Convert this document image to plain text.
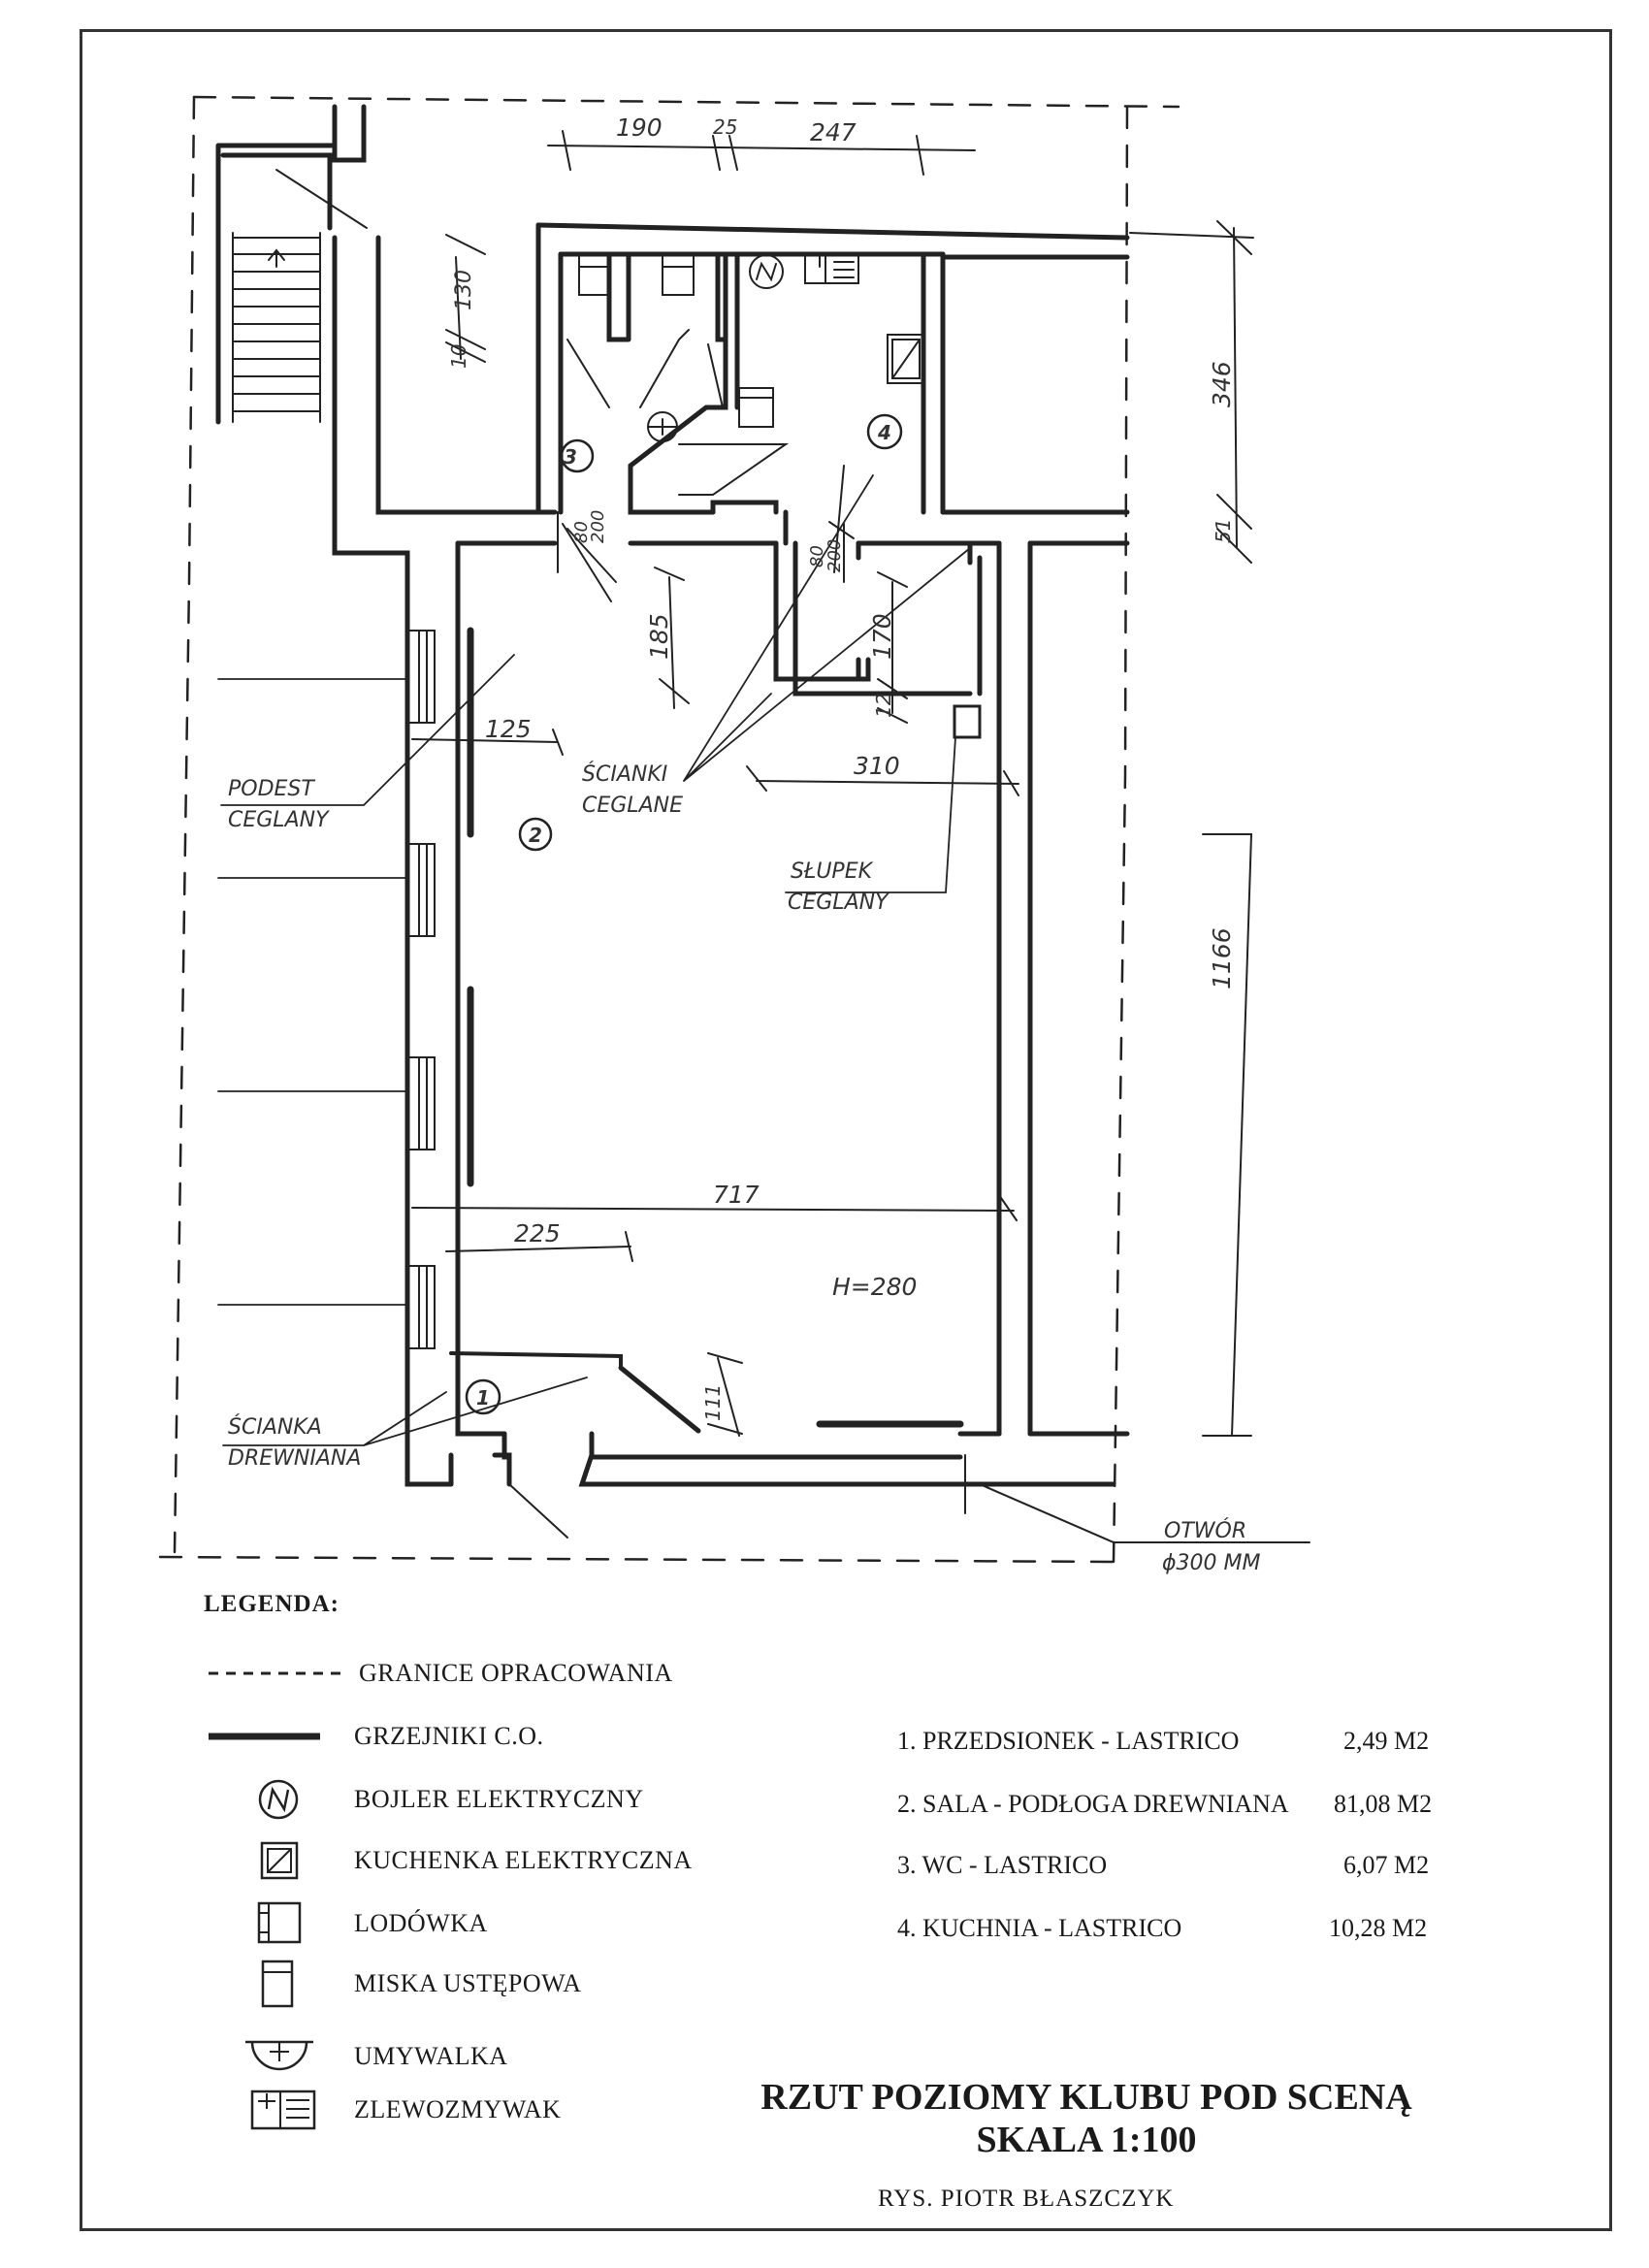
190	25	247
130
10
346
51
1166
80
200
80
200
185	170
12
125
310
717
225
111
H=280
3
2
4
1
PODEST
CEGLANY
ŚCIANKI
CEGLANE
SŁUPEK
CEGLANY
ŚCIANKA
DREWNIANA
OTWÓR
ϕ300 MM
LEGENDA:
GRANICE OPRACOWANIA
GRZEJNIKI C.O.
BOJLER ELEKTRYCZNY
KUCHENKA ELEKTRYCZNA
LODÓWKA
MISKA USTĘPOWA
UMYWALKA
ZLEWOZMYWAK
1. PRZEDSIONEK - LASTRICO	2,49 M2
2. SALA - PODŁOGA DREWNIANA 81,08 M2
3. WC - LASTRICO	6,07 M2
4. KUCHNIA - LASTRICO	10,28 M2
RZUT POZIOMY KLUBU POD SCENĄ
SKALA 1:100
RYS. PIOTR BŁASZCZYK
